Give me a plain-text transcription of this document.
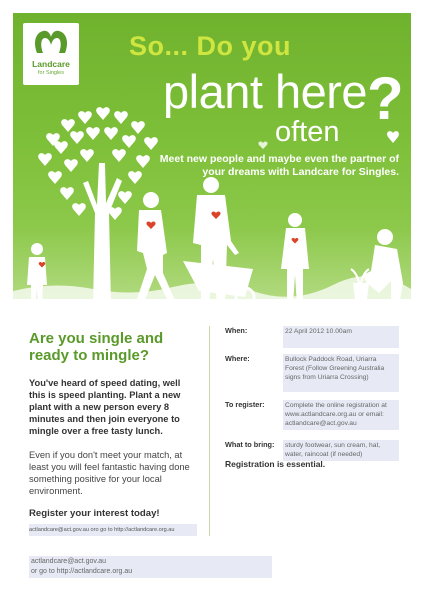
Landcare
for Singles
So... Do you
plant here
often ?
Meet new people and maybe even the partner of your dreams with Landcare for Singles.
Are you single and ready to mingle?
You've heard of speed dating, well this is speed planting. Plant a new plant with a new person every 8 minutes and then join everyone to mingle over a free tasty lunch.
Even if you don't meet your match, at least you will feel fantastic having done something positive for your local environment.
Register your interest today!
actlandcare@act.gov.au oro go to http://actlandcare.org.au
When:	22 April 2012 10.00am
Where:	Bullock Paddock Road, Uriarra Forest (Follow Greening Australia signs from Uriarra Crossing)
To register:	Complete the online registration at www.actlandcare.org.au or email: actlandcare@act.gov.au
What to bring: sturdy footwear, sun cream, hat, water, raincoat (if needed)
Registration is essential.
actlandcare@act.gov.au
or go to http://actlandcare.org.au
